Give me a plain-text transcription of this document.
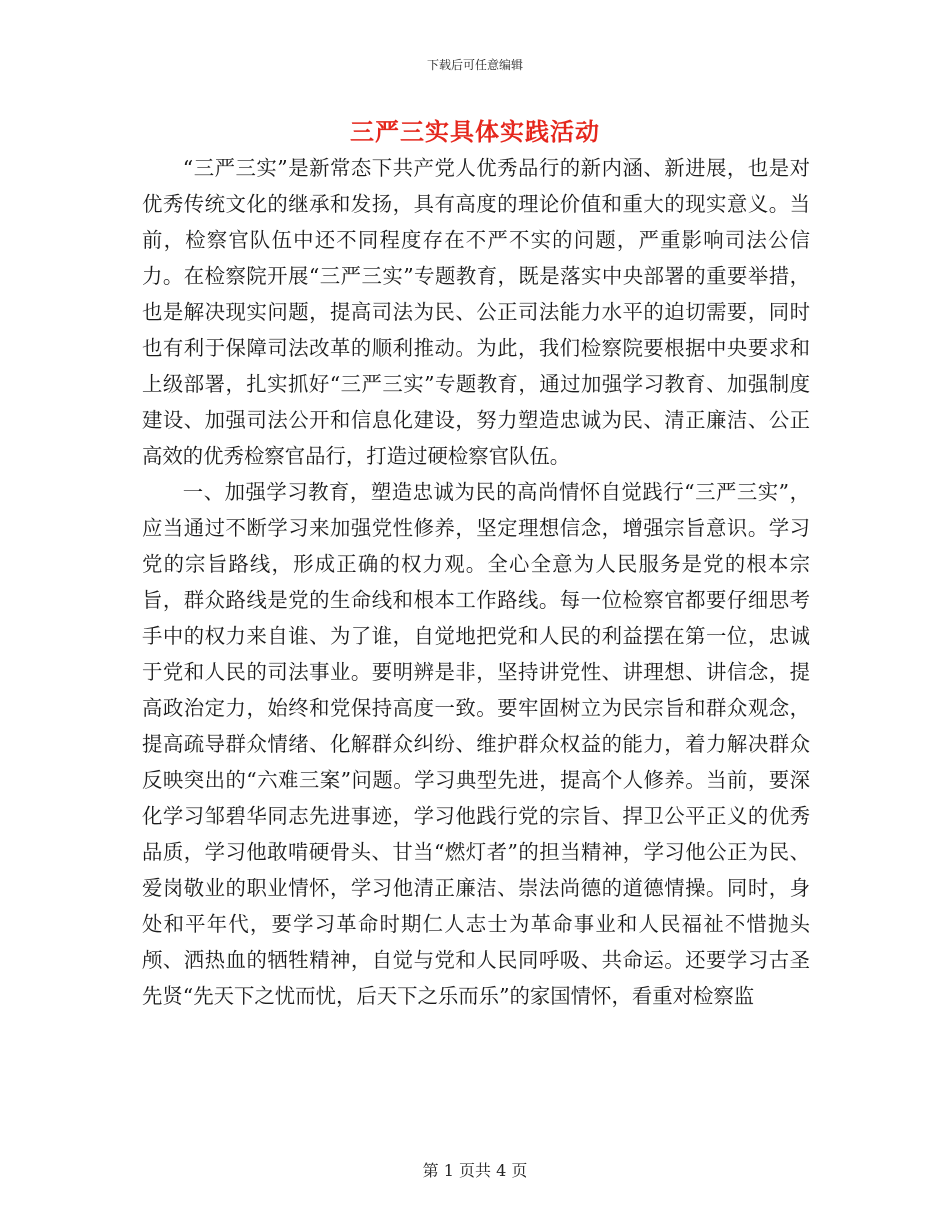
下载后可任意编辑
三严三实具体实践活动

“三严三实”是新常态下共产党人优秀品行的新内涵、新进展，也是对优秀传统文化的继承和发扬，具有高度的理论价值和重大的现实意义。当前，检察官队伍中还不同程度存在不严不实的问题，严重影响司法公信力。在检察院开展“三严三实”专题教育，既是落实中央部署的重要举措，也是解决现实问题，提高司法为民、公正司法能力水平的迫切需要，同时也有利于保障司法改革的顺利推动。为此，我们检察院要根据中央要求和上级部署，扎实抓好“三严三实”专题教育，通过加强学习教育、加强制度建设、加强司法公开和信息化建设，努力塑造忠诚为民、清正廉洁、公正高效的优秀检察官品行，打造过硬检察官队伍。

一、加强学习教育，塑造忠诚为民的高尚情怀自觉践行“三严三实”，应当通过不断学习来加强党性修养，坚定理想信念，增强宗旨意识。学习党的宗旨路线，形成正确的权力观。全心全意为人民服务是党的根本宗旨，群众路线是党的生命线和根本工作路线。每一位检察官都要仔细思考手中的权力来自谁、为了谁，自觉地把党和人民的利益摆在第一位，忠诚于党和人民的司法事业。要明辨是非，坚持讲党性、讲理想、讲信念，提高政治定力，始终和党保持高度一致。要牢固树立为民宗旨和群众观念，提高疏导群众情绪、化解群众纠纷、维护群众权益的能力，着力解决群众反映突出的“六难三案”问题。学习典型先进，提高个人修养。当前，要深化学习邹碧华同志先进事迹，学习他践行党的宗旨、捍卫公平正义的优秀品质，学习他敢啃硬骨头、甘当“燃灯者”的担当精神，学习他公正为民、爱岗敬业的职业情怀，学习他清正廉洁、崇法尚德的道德情操。同时，身处和平年代，要学习革命时期仁人志士为革命事业和人民福祉不惜抛头颅、洒热血的牺牲精神，自觉与党和人民同呼吸、共命运。还要学习古圣先贤“先天下之忧而忧，后天下之乐而乐”的家国情怀，看重对检察监

第 1 页共 4 页
